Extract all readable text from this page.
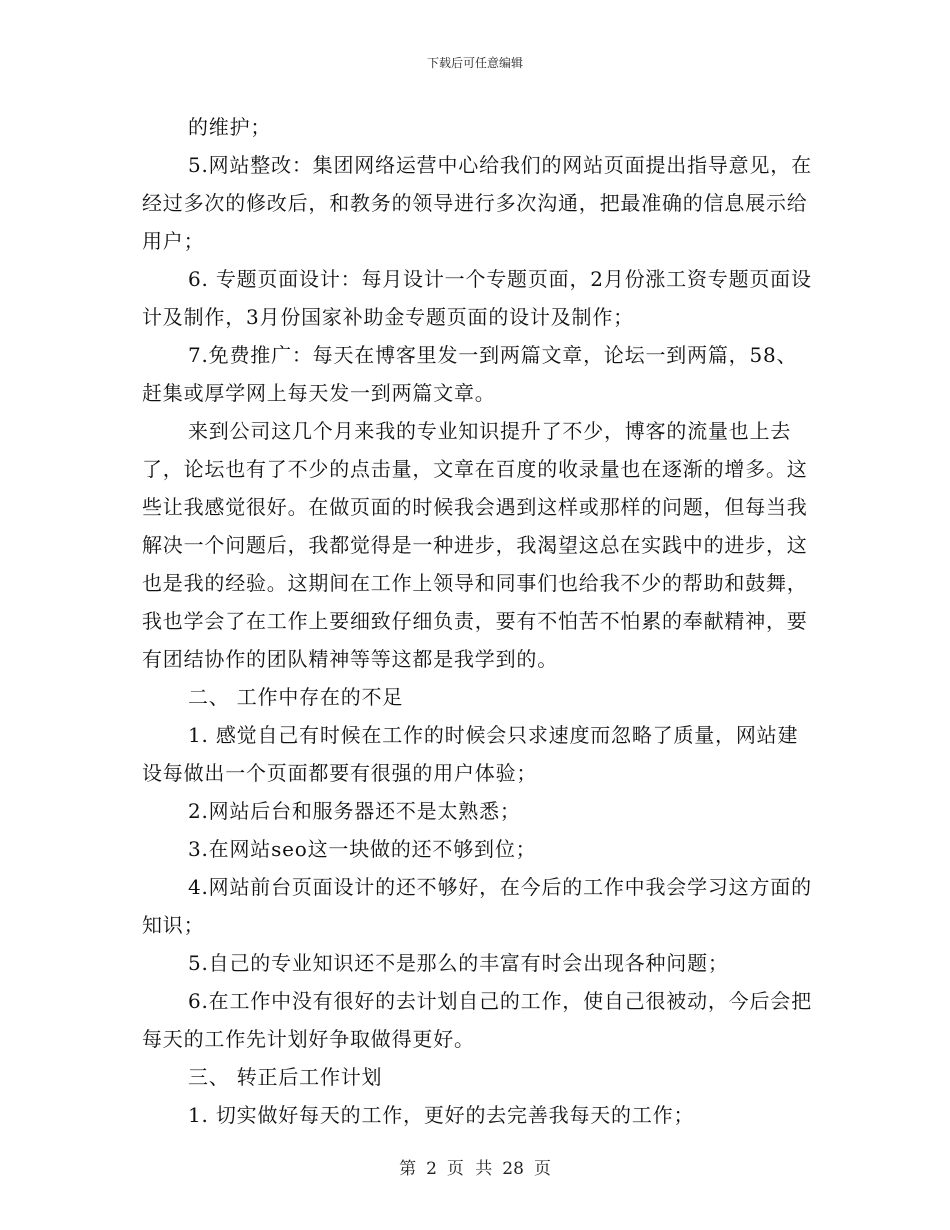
下载后可任意编辑

的维护；

5.网站整改：集团网络运营中心给我们的网站页面提出指导意见，在经过多次的修改后，和教务的领导进行多次沟通，把最准确的信息展示给用户；

6. 专题页面设计：每月设计一个专题页面，2月份涨工资专题页面设计及制作，3月份国家补助金专题页面的设计及制作；

7.免费推广：每天在博客里发一到两篇文章，论坛一到两篇，58、赶集或厚学网上每天发一到两篇文章。

来到公司这几个月来我的专业知识提升了不少，博客的流量也上去了，论坛也有了不少的点击量，文章在百度的收录量也在逐渐的增多。这些让我感觉很好。在做页面的时候我会遇到这样或那样的问题，但每当我解决一个问题后，我都觉得是一种进步，我渴望这总在实践中的进步，这也是我的经验。这期间在工作上领导和同事们也给我不少的帮助和鼓舞，我也学会了在工作上要细致仔细负责，要有不怕苦不怕累的奉献精神，要有团结协作的团队精神等等这都是我学到的。

二、 工作中存在的不足

1. 感觉自己有时候在工作的时候会只求速度而忽略了质量，网站建设每做出一个页面都要有很强的用户体验；

2.网站后台和服务器还不是太熟悉；

3.在网站seo这一块做的还不够到位；

4.网站前台页面设计的还不够好，在今后的工作中我会学习这方面的知识；

5.自己的专业知识还不是那么的丰富有时会出现各种问题；

6.在工作中没有很好的去计划自己的工作，使自己很被动，今后会把每天的工作先计划好争取做得更好。

三、 转正后工作计划

1. 切实做好每天的工作，更好的去完善我每天的工作；

第 2 页 共 28 页
